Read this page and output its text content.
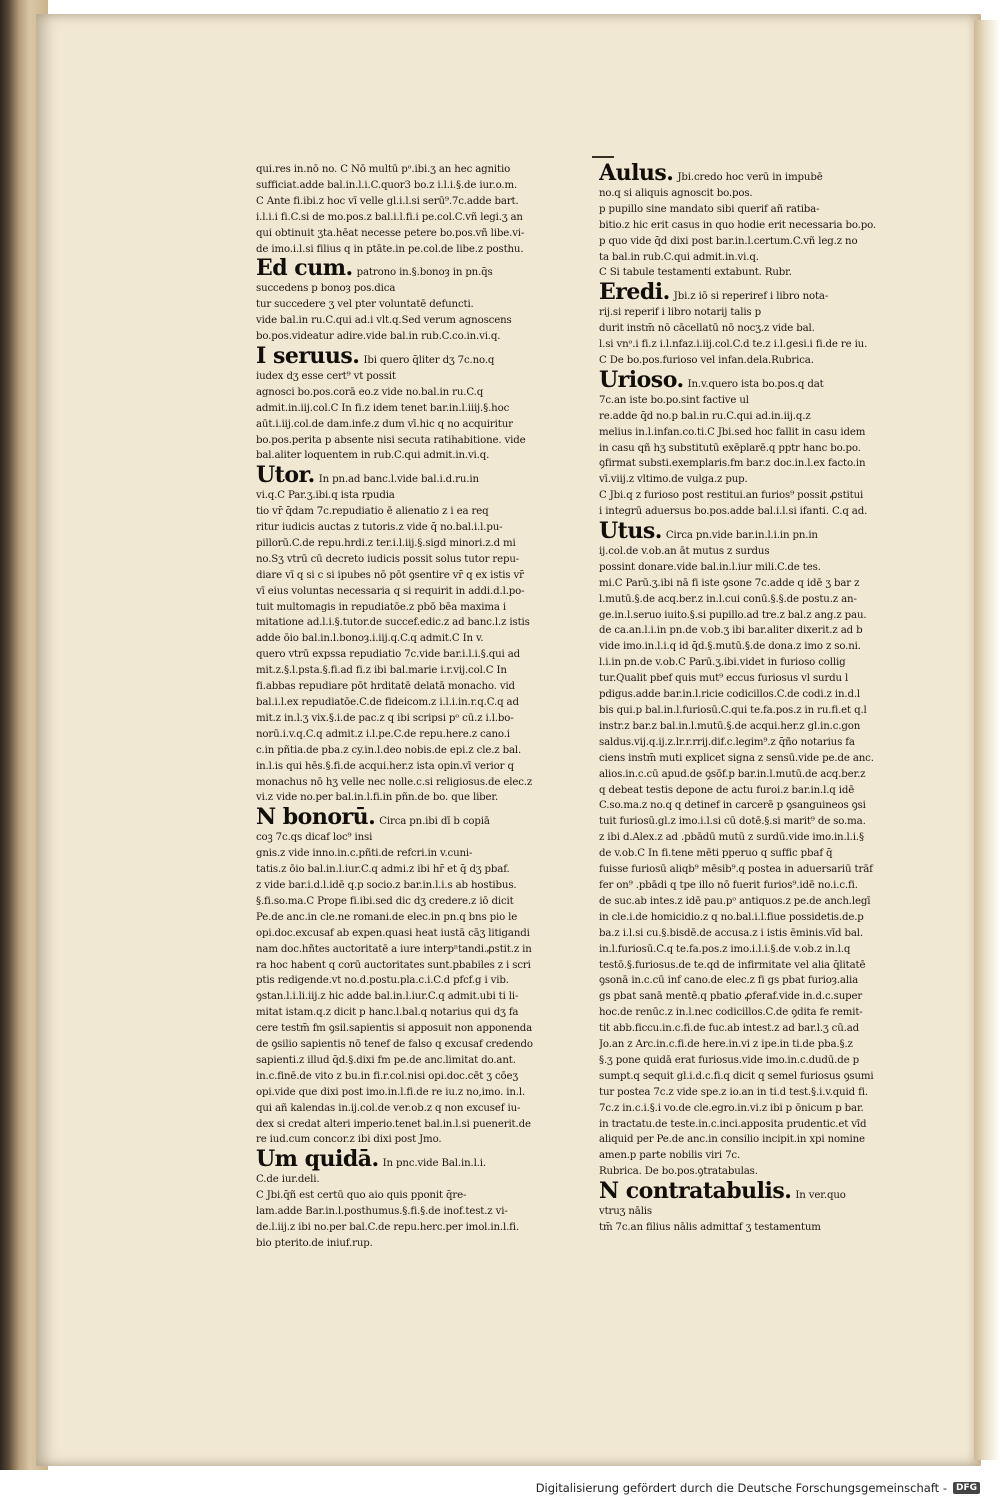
qui.res in.nō no. C Nō multū pᵒ.ibi.ʒ an hec agnitio
sufficiat.adde bal.in.l.i.C.quor3 bo.z i.l.i.§.de iur.o.m.
C Ante fi.ibi.z hoc vī velle gl.i.l.si serū⁹.7c.adde bart.
i.l.i.i fi.C.si de mo.pos.z bal.i.l.fi.i pe.col.C.vñ legi.ʒ an
qui obtinuit ʒta.hēat necesse petere bo.pos.vñ libe.vi-
de imo.i.l.si filius q in ptāte.in pe.col.de libe.z posthu.
Ed cum. patrono in.§.bonoȝ in pn.q̄s
succedens p bonoȝ pos.dica
tur succedere ʒ vel pter voluntatē defuncti.
vide bal.in ru.C.qui ad.i vlt.q.Sed verum agnoscens
bo.pos.videatur adire.vide bal.in rub.C.co.in.vi.q.
I seruus. Ibi quero q̄liter dʒ 7c.no.q
iudex dʒ esse cert⁹ vt possit
agnosci bo.pos.corā eo.z vide no.bal.in ru.C.q
admit.in.iij.col.C In fi.z idem tenet bar.in.l.iiij.§.hoc
aūt.i.iij.col.de dam.infe.z dum vī.hic q no acquiritur
bo.pos.perita p absente nisi secuta ratihabitione. vide
bal.aliter loquentem in rub.C.qui admit.in.vi.q.
Utor. In pn.ad banc.l.vide bal.i.d.ru.in
vi.q.C Par.ʒ.ibi.q ista rpudia
tio vr̄ q̄dam 7c.repudiatio ē alienatio z i ea req
ritur iudicis auctas z tutoris.z vide q̄ no.bal.i.l.pu-
pillorū.C.de repu.hrdi.z ter.i.l.iij.§.sigd minori.z.d mi
no.Sʒ vtrū cū decreto iudicis possit solus tutor repu-
diare vī q si c si ipubes nō pōt ꝯsentire vr̄ q ex istis vr̄
vī eius voluntas necessaria q si requirit in addi.d.l.po-
tuit multomagis in repudiatōe.z pbō bēa maxima i
mitatione ad.l.i.§.tutor.de succef.edic.z ad banc.l.z istis
adde ōio bal.in.l.bonoȝ.i.iij.q.C.q admit.C In v.
quero vtrū expssa repudiatio 7c.vide bar.i.l.i.§.qui ad
mit.z.§.l.psta.§.fi.ad fi.z ibi bal.marie i.r.vij.col.C In
fi.abbas repudiare pōt hrditatē delatā monacho. vid
bal.i.l.ex repudiatōe.C.de fideicom.z i.l.i.in.r.q.C.q ad
mit.z in.l.ʒ vix.§.i.de pac.z q ibi scripsi pᵒ cū.z i.l.bo-
norū.i.v.q.C.q admit.z i.l.pe.C.de repu.here.z cano.i
c.in pñtia.de pba.z cy.in.l.deo nobis.de epi.z cle.z bal.
in.l.is qui hēs.§.fi.de acqui.her.z ista opin.vī verior q
monachus nō hʒ velle nec nolle.c.si religiosus.de elec.z
vi.z vide no.per bal.in.l.fi.in pñn.de bo. que liber.
N bonorū. Circa pn.ibi dī b copiā
coꝫ 7c.qs dicaf loc⁹ insi
gnis.z vide inno.in.c.pñti.de refcri.in v.cuni-
tatis.z ōio bal.in.l.iur.C.q admi.z ibi hr̄ et q̄ dʒ pbaf.
z vide bar.i.d.l.idē q.p socio.z bar.in.l.i.s ab hostibus.
§.fi.so.ma.C Prope fi.ibi.sed dic dʒ credere.z iō dicit
Pe.de anc.in cle.ne romani.de elec.in pn.q bns pio le
opi.doc.excusaf ab expen.quasi heat iustā cāʒ litigandi
nam doc.hñtes auctoritatē a iure interpⁿtandi.ꝓstit.z in
ra hoc habent q corū auctoritates sunt.pbabiles z i scri
ptis redigende.vt no.d.postu.pla.c.i.C.d pfcf.g i vib.
ꝯstan.l.i.li.iij.z hic adde bal.in.l.iur.C.q admit.ubi ti li-
mitat istam.q.z dicit p hanc.l.bal.q notarius qui dʒ fa
cere testm̄ fm ꝯsil.sapientis si apposuit non apponenda
de ꝯsilio sapientis nō tenef de falso q excusaf credendo
sapienti.z illud q̄d.§.dixi fm pe.de anc.limitat do.ant.
in.c.finē.de vito z bu.in fi.r.col.nisi opi.doc.cēt ʒ cōeʒ
opi.vide que dixi post imo.in.l.fi.de re iu.z no,imo. in.l.
qui añ kalendas in.ij.col.de ver.ob.z q non excusef iu-
dex si credat alteri imperio.tenet bal.in.l.si puenerit.de
re iud.cum concor.z ibi dixi post Jmo.
Um quidā. In pnc.vide Bal.in.l.i.
C.de iur.deli.
C Jbi.q̄ñ est certū quo aio quis pponit q̄re-
lam.adde Bar.in.l.posthumus.§.fi.§.de inof.test.z vi-
de.l.iij.z ibi no.per bal.C.de repu.herc.per imol.in.l.fi.
bio pterito.de iniuf.rup.
Aulus. Jbi.credo hoc verū in impubē
no.q si aliquis agnoscit bo.pos.
p pupillo sine mandato sibi querif añ ratiba-
bitio.z hic erit casus in quo hodie erit necessaria bo.po.
p quo vide q̄d dixi post bar.in.l.certum.C.vñ leg.z no
ta bal.in rub.C.qui admit.in.vi.q.
C Si tabule testamenti extabunt. Rubr.
Eredi. Jbi.z iō si reperiref i libro nota-
rij.si reperif i libro notarij talis p
durit instm̄ nō cācellatū nō nocʒ.z vide bal.
l.si vnᵒ.i fi.z i.l.nfaz.i.iij.col.C.d te.z i.l.gesi.i fi.de re iu.
C De bo.pos.furioso vel infan.dela.Rubrica.
Urioso. In.v.quero ista bo.pos.q dat
7c.an iste bo.po.sint factive ul
re.adde q̄d no.p bal.in ru.C.qui ad.in.iij.q.z
melius in.l.infan.co.ti.C Jbi.sed hoc fallit in casu idem
in casu qñ hʒ substitutū exēplarē.q pptr hanc bo.po.
ꝯfirmat substi.exemplaris.fm bar.z doc.in.l.ex facto.in
vī.viij.z vltimo.de vulga.z pup.
C Jbi.q z furioso post restitui.an furios⁹ possit ꝓstitui
i integrū aduersus bo.pos.adde bal.i.l.si ifanti. C.q ad.
Utus. Circa pn.vide bar.in.l.i.in pn.in
ij.col.de v.ob.an āt mutus z surdus
possint donare.vide bal.in.l.iur mili.C.de tes.
mi.C Parū.ʒ.ibi nā fi iste ꝯsone 7c.adde q idē ʒ bar z
l.mutū.§.de acq.ber.z in.l.cui conū.§.§.de postu.z an-
ge.in.l.seruo iuito.§.si pupillo.ad tre.z bal.z ang.z pau.
de ca.an.l.i.in pn.de v.ob.ʒ ibi bar.aliter dixerit.z ad b
vide imo.in.l.i.q id q̄d.§.mutū.§.de dona.z imo z so.ni.
l.i.in pn.de v.ob.C Parū.ʒ.ibi.videt in furioso collig
tur.Qualit pbef quis mut⁹ eccus furiosus vl surdu l
pdigus.adde bar.in.l.ricie codicillos.C.de codi.z in.d.l
bis qui.p bal.in.l.furiosū.C.qui te.fa.pos.z in ru.fi.et q.l
instr.z bar.z bal.in.l.mutū.§.de acqui.her.z gl.in.c.gon
saldus.vij.q.ij.z.lr.r.rrij.dif.c.legim⁹.z q̄ño notarius fa
ciens instm̄ muti explicet signa z sensū.vide pe.de anc.
alios.in.c.cū apud.de ꝯsōf.p bar.in.l.mutū.de acq.ber.z
q debeat testis depone de actu furoi.z bar.in.l.q idē
C.so.ma.z no.q q detinef in carcerē p ꝯsanguineos ꝯsi
tuit furiosū.gl.z imo.i.l.si cū dotē.§.si marit⁹ de so.ma.
z ibi d.Alex.z ad .pbādū mutū z surdū.vide imo.in.l.i.§
de v.ob.C In fi.tene mēti pperuo q suffic pbaf q̄
fuisse furiosū aliqb⁹ mēsib⁹.q postea in aduersariū trāf
fer on⁹ .pbādi q tpe illo nō fuerit furios⁹.idē no.i.c.fi.
de suc.ab intes.z idē pau.pᵒ antiquos.z pe.de anch.legī
in cle.i.de homicidio.z q no.bal.i.l.fiue possidetis.de.p
ba.z i.l.si cu.§.bisdē.de accusa.z i istis ēminis.vīd bal.
in.l.furiosū.C.q te.fa.pos.z imo.i.l.i.§.de v.ob.z in.l.q
testō.§.furiosus.de te.qd de infirmitate vel alia q̄litatē
ꝯsonā in.c.cū inf cano.de elec.z fi gs pbat furioȝ.alia
gs pbat sanā mentē.q pbatio ꝓferaf.vide in.d.c.super
hoc.de renūc.z in.l.nec codicillos.C.de ꝯdita fe remit-
tit abb.ficcu.in.c.fi.de fuc.ab intest.z ad bar.l.ʒ cū.ad
Jo.an z Arc.in.c.fi.de here.in.vi z ipe.in ti.de pba.§.z
§.ʒ pone quidā erat furiosus.vide imo.in.c.dudū.de p
sumpt.q sequit gl.i.d.c.fi.q dicit q semel furiosus ꝯsumi
tur postea 7c.z vide spe.z io.an in ti.d test.§.i.v.quid fi.
7c.z in.c.i.§.i vo.de cle.egro.in.vi.z ibi p ōnicum p bar.
in tractatu.de teste.in.c.inci.apposita prudentic.et vīd
aliquid per Pe.de anc.in consilio incipit.in xpi nomine
amen.p parte nobilis viri 7c.
Rubrica. De bo.pos.ꝯtratabulas.
N contratabulis. In ver.quo
vtruʒ nālis
tm̄ 7c.an filius nālis admittaf ʒ testamentum
Digitalisierung gefördert durch die Deutsche Forschungsgemeinschaft -	DFG
